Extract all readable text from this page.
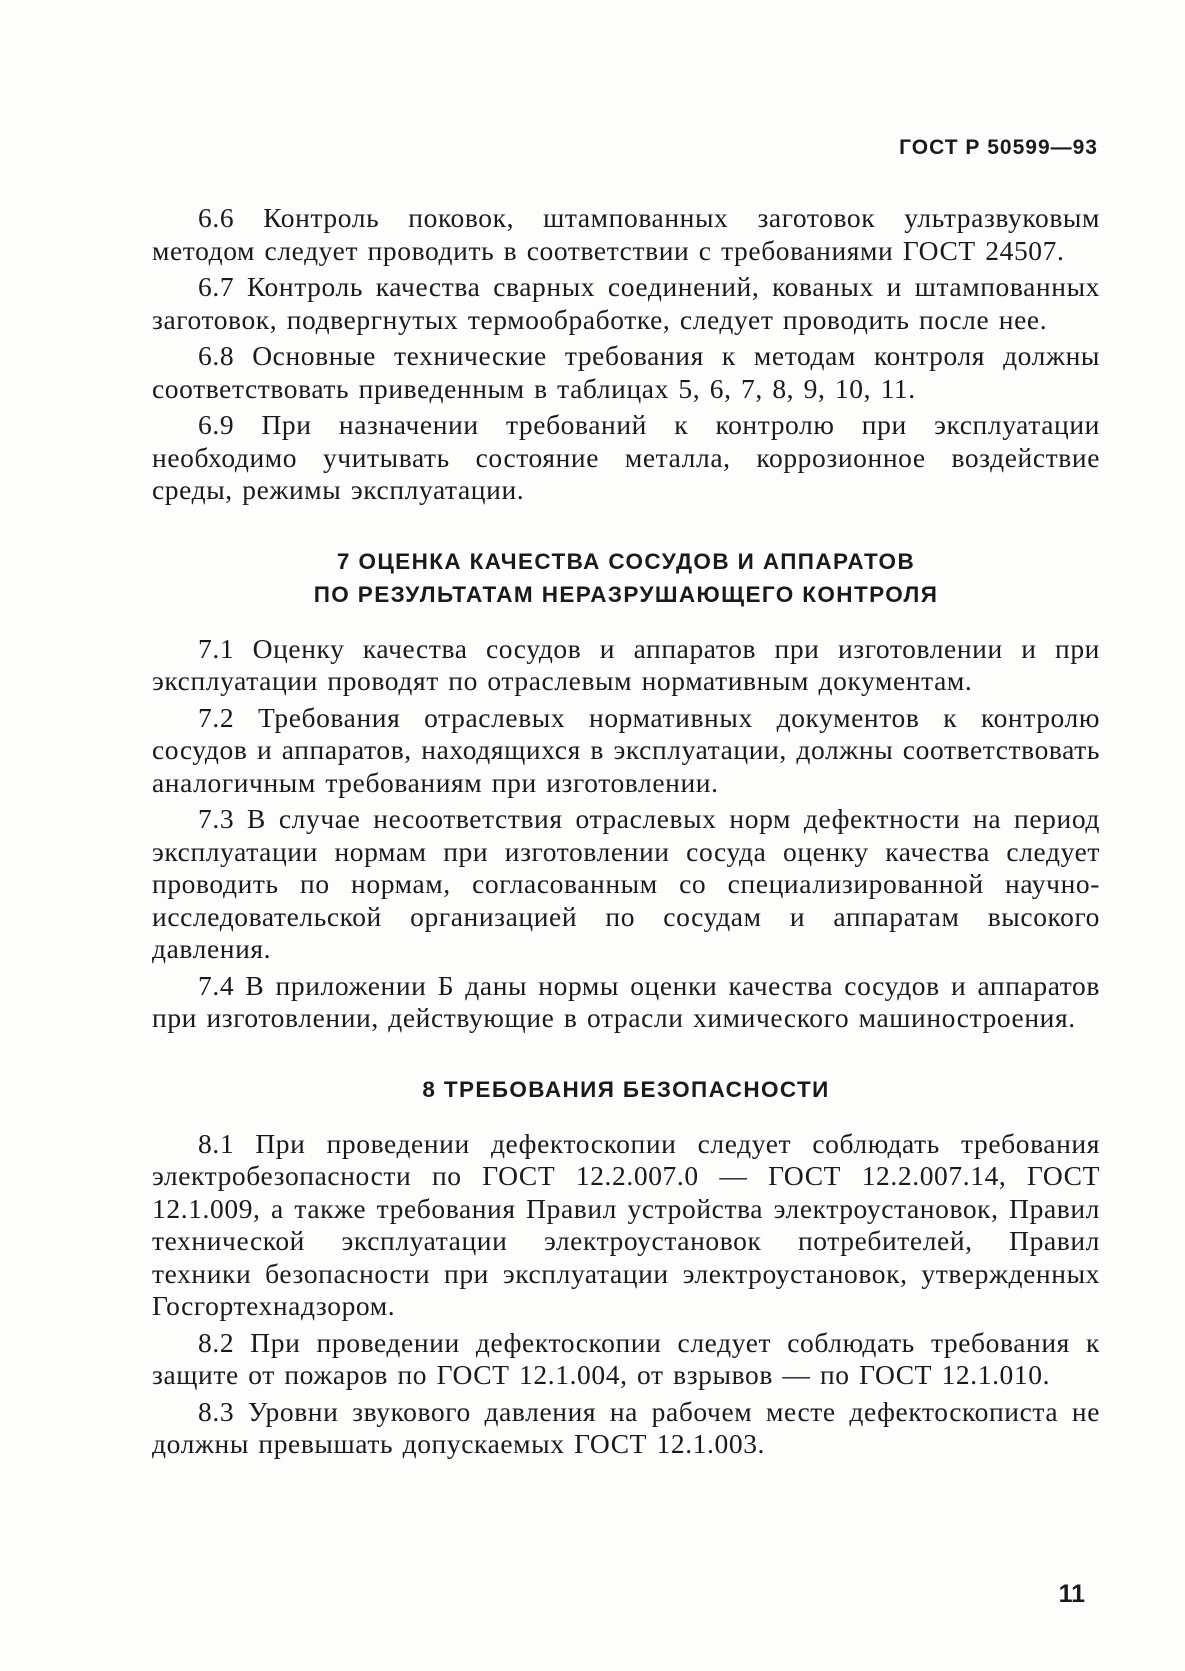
ГОСТ Р 50599—93

6.6 Контроль поковок, штампованных заготовок ультразвуковым методом следует проводить в соответствии с требованиями ГОСТ 24507.

6.7 Контроль качества сварных соединений, кованых и штампованных заготовок, подвергнутых термообработке, следует проводить после нее.

6.8 Основные технические требования к методам контроля должны соответствовать приведенным в таблицах 5, 6, 7, 8, 9, 10, 11.

6.9 При назначении требований к контролю при эксплуатации необходимо учитывать состояние металла, коррозионное воздействие среды, режимы эксплуатации.

7 ОЦЕНКА КАЧЕСТВА СОСУДОВ И АППАРАТОВ
ПО РЕЗУЛЬТАТАМ НЕРАЗРУШАЮЩЕГО КОНТРОЛЯ

7.1 Оценку качества сосудов и аппаратов при изготовлении и при эксплуатации проводят по отраслевым нормативным документам.

7.2 Требования отраслевых нормативных документов к контролю сосудов и аппаратов, находящихся в эксплуатации, должны соответствовать аналогичным требованиям при изготовлении.

7.3 В случае несоответствия отраслевых норм дефектности на период эксплуатации нормам при изготовлении сосуда оценку качества следует проводить по нормам, согласованным со специализированной научно-исследовательской организацией по сосудам и аппаратам высокого давления.

7.4 В приложении Б даны нормы оценки качества сосудов и аппаратов при изготовлении, действующие в отрасли химического машиностроения.

8 ТРЕБОВАНИЯ БЕЗОПАСНОСТИ

8.1 При проведении дефектоскопии следует соблюдать требования электробезопасности по ГОСТ 12.2.007.0 — ГОСТ 12.2.007.14, ГОСТ 12.1.009, а также требования Правил устройства электроустановок, Правил технической эксплуатации электроустановок потребителей, Правил техники безопасности при эксплуатации электроустановок, утвержденных Госгортехнадзором.

8.2 При проведении дефектоскопии следует соблюдать требования к защите от пожаров по ГОСТ 12.1.004, от взрывов — по ГОСТ 12.1.010.

8.3 Уровни звукового давления на рабочем месте дефектоскописта не должны превышать допускаемых ГОСТ 12.1.003.

11
